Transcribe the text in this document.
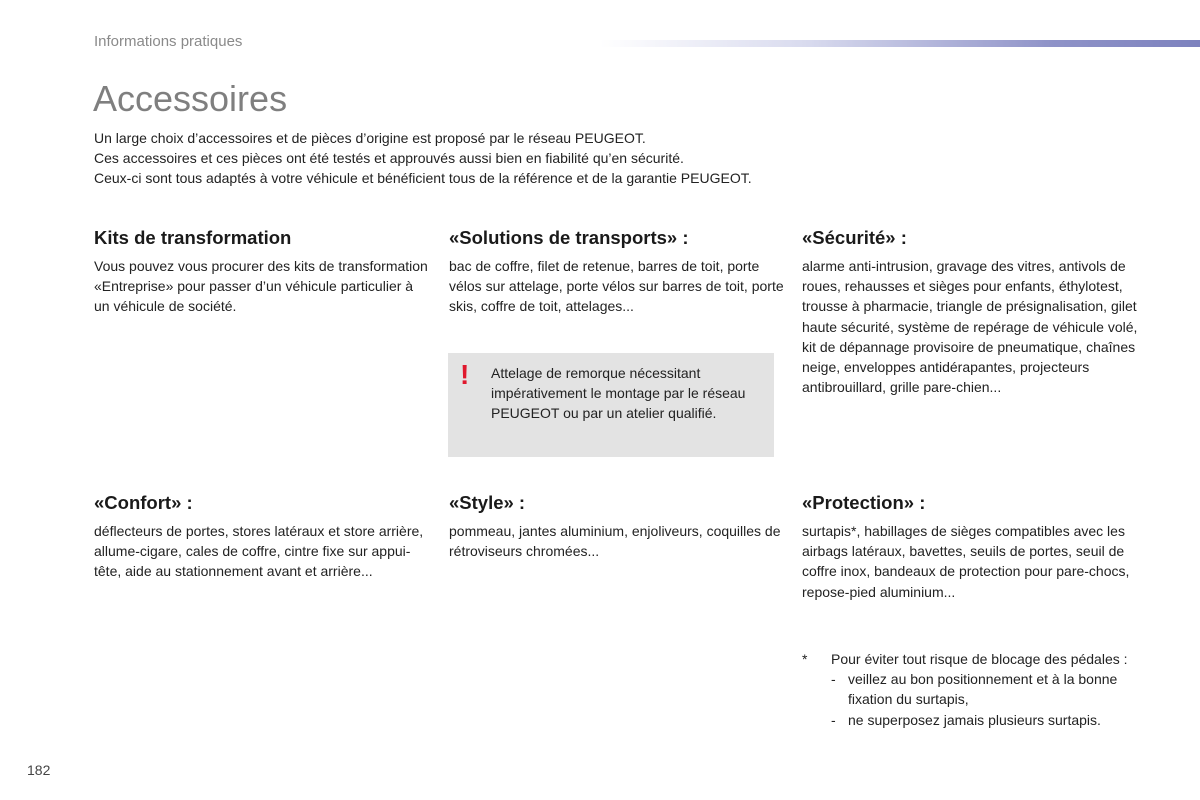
Informations pratiques
Accessoires

Un large choix d’accessoires et de pièces d’origine est proposé par le réseau PEUGEOT.

Ces accessoires et ces pièces ont été testés et approuvés aussi bien en fiabilité qu’en sécurité.

Ceux-ci sont tous adaptés à votre véhicule et bénéficient tous de la référence et de la garantie PEUGEOT.

Kits de transformation

Vous pouvez vous procurer des kits de transformation «Entreprise» pour passer d’un véhicule particulier à un véhicule de société.

«Solutions de transports» :

bac de coffre, filet de retenue, barres de toit, porte vélos sur attelage, porte vélos sur barres de toit, porte skis, coffre de toit, attelages...

«Sécurité» :

alarme anti-intrusion, gravage des vitres, antivols de roues, rehausses et sièges pour enfants, éthylotest, trousse à pharmacie, triangle de présignalisation, gilet haute sécurité, système de repérage de véhicule volé, kit de dépannage provisoire de pneumatique, chaînes neige, enveloppes antidérapantes, projecteurs antibrouillard, grille pare-chien...

! Attelage de remorque nécessitant impérativement le montage par le réseau PEUGEOT ou par un atelier qualifié.

«Confort» :

déflecteurs de portes, stores latéraux et store arrière, allume-cigare, cales de coffre, cintre fixe sur appui-tête, aide au stationnement avant et arrière...

«Style» :

pommeau, jantes aluminium, enjoliveurs, coquilles de rétroviseurs chromées...

«Protection» :

surtapis*, habillages de sièges compatibles avec les airbags latéraux, bavettes, seuils de portes, seuil de coffre inox, bandeaux de protection pour pare-chocs, repose-pied aluminium...

* Pour éviter tout risque de blocage des pédales :
- veillez au bon positionnement et à la bonne fixation du surtapis,
- ne superposez jamais plusieurs surtapis.
182
